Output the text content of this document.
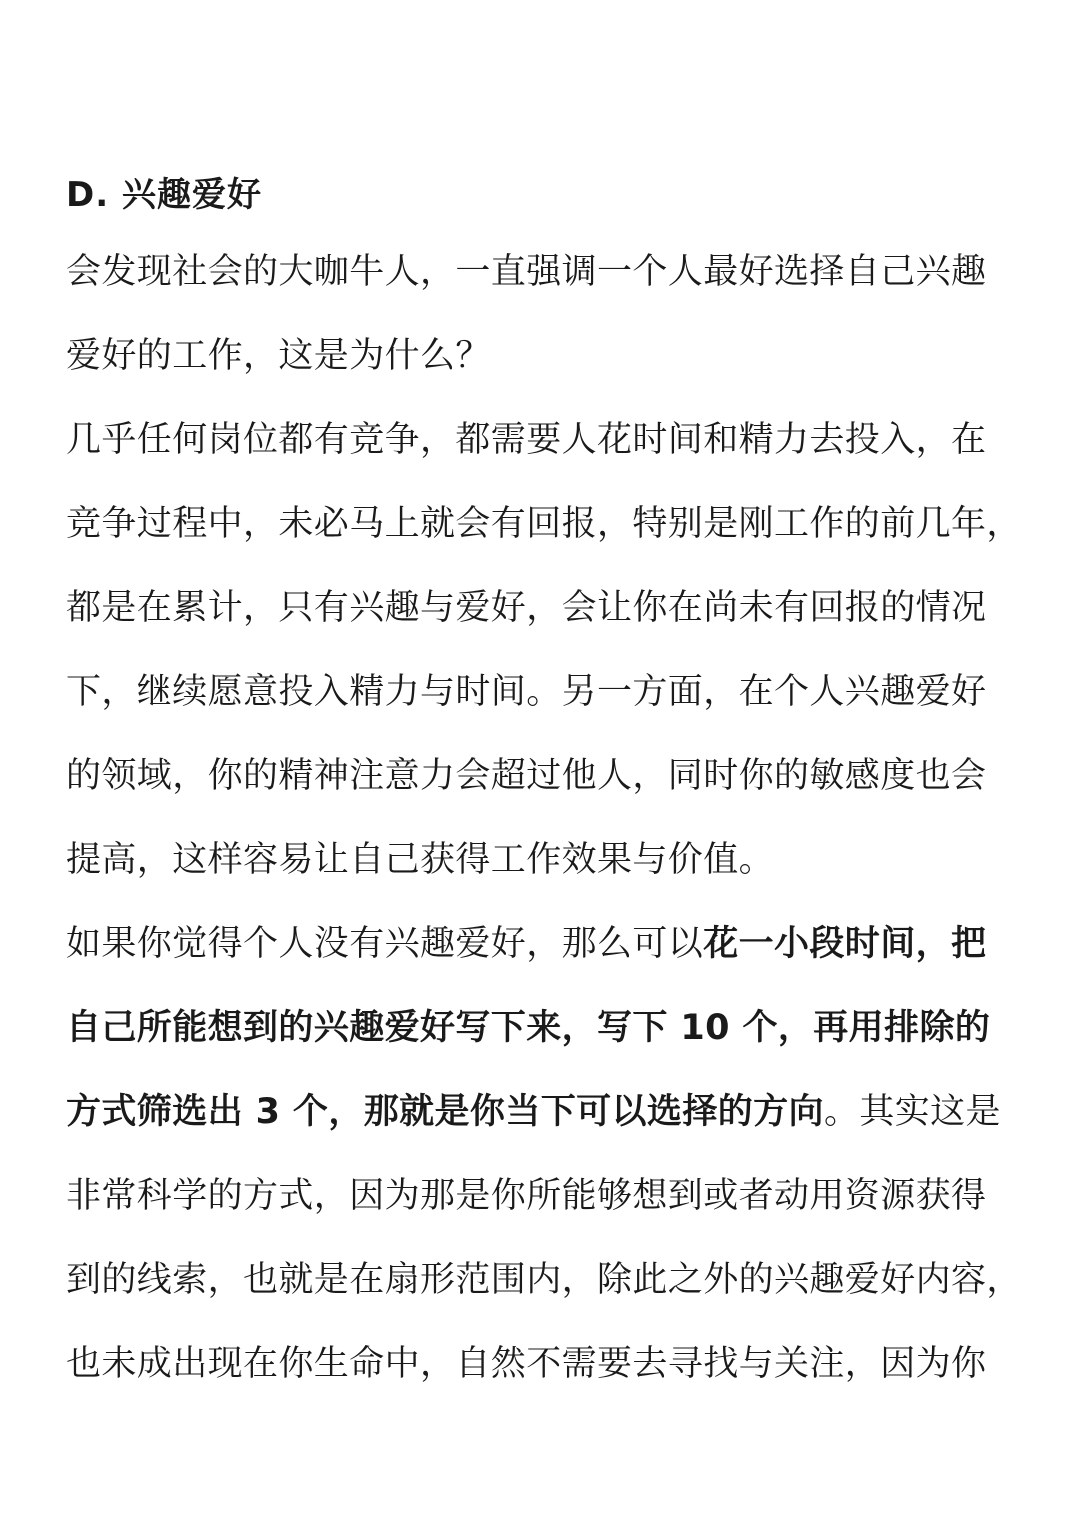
D. 兴趣爱好
会发现社会的大咖牛人，一直强调一个人最好选择自己兴趣
爱好的工作，这是为什么？
几乎任何岗位都有竞争，都需要人花时间和精力去投入，在
竞争过程中，未必马上就会有回报，特别是刚工作的前几年，
都是在累计，只有兴趣与爱好，会让你在尚未有回报的情况
下，继续愿意投入精力与时间。另一方面，在个人兴趣爱好
的领域，你的精神注意力会超过他人，同时你的敏感度也会
提高，这样容易让自己获得工作效果与价值。
如果你觉得个人没有兴趣爱好，那么可以花一小段时间，把
自己所能想到的兴趣爱好写下来，写下 10 个，再用排除的
方式筛选出 3 个，那就是你当下可以选择的方向。其实这是
非常科学的方式，因为那是你所能够想到或者动用资源获得
到的线索，也就是在扇形范围内，除此之外的兴趣爱好内容，
也未成出现在你生命中，自然不需要去寻找与关注，因为你
